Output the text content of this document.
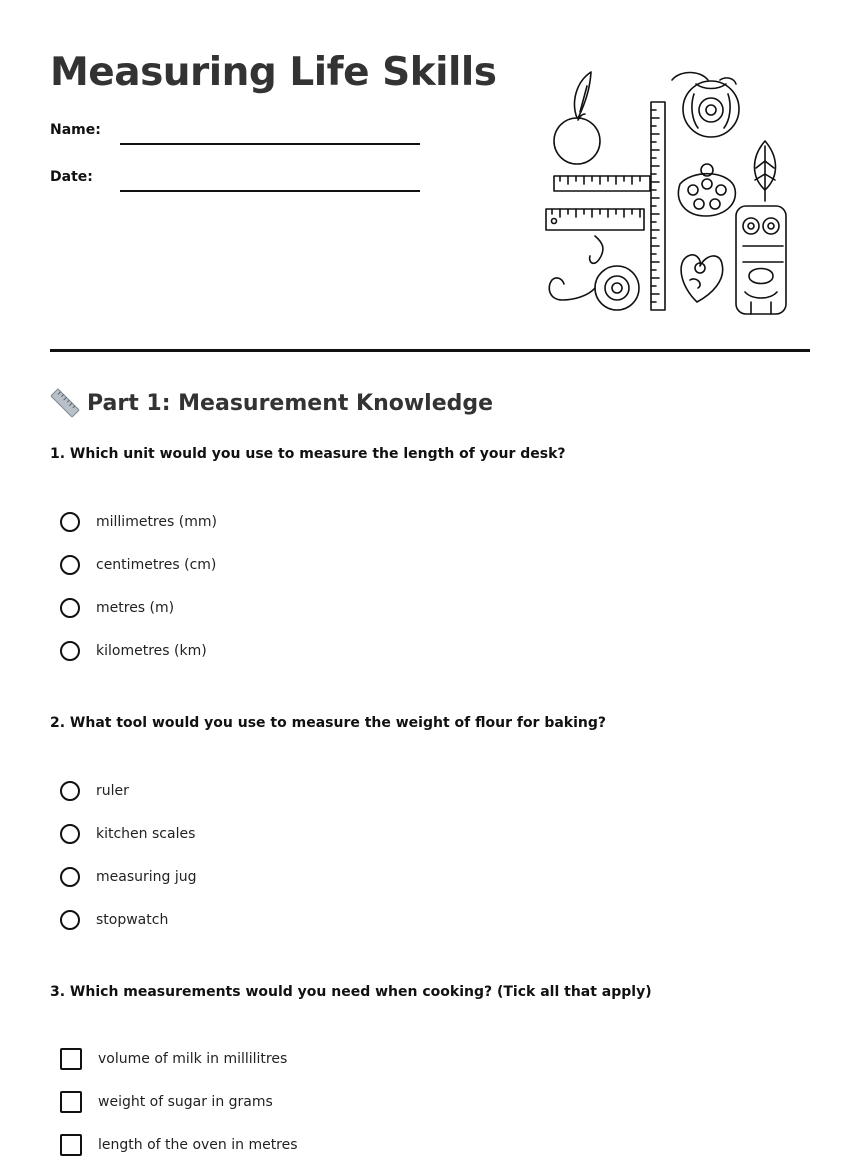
Measuring Life Skills
Name:
Date:
Part 1: Measurement Knowledge

1. Which unit would you use to measure the length of your desk?

millimetres (mm)
centimetres (cm)
metres (m)
kilometres (km)

2. What tool would you use to measure the weight of flour for baking?

ruler
kitchen scales
measuring jug
stopwatch

3. Which measurements would you need when cooking? (Tick all that apply)

volume of milk in millilitres
weight of sugar in grams
length of the oven in metres
